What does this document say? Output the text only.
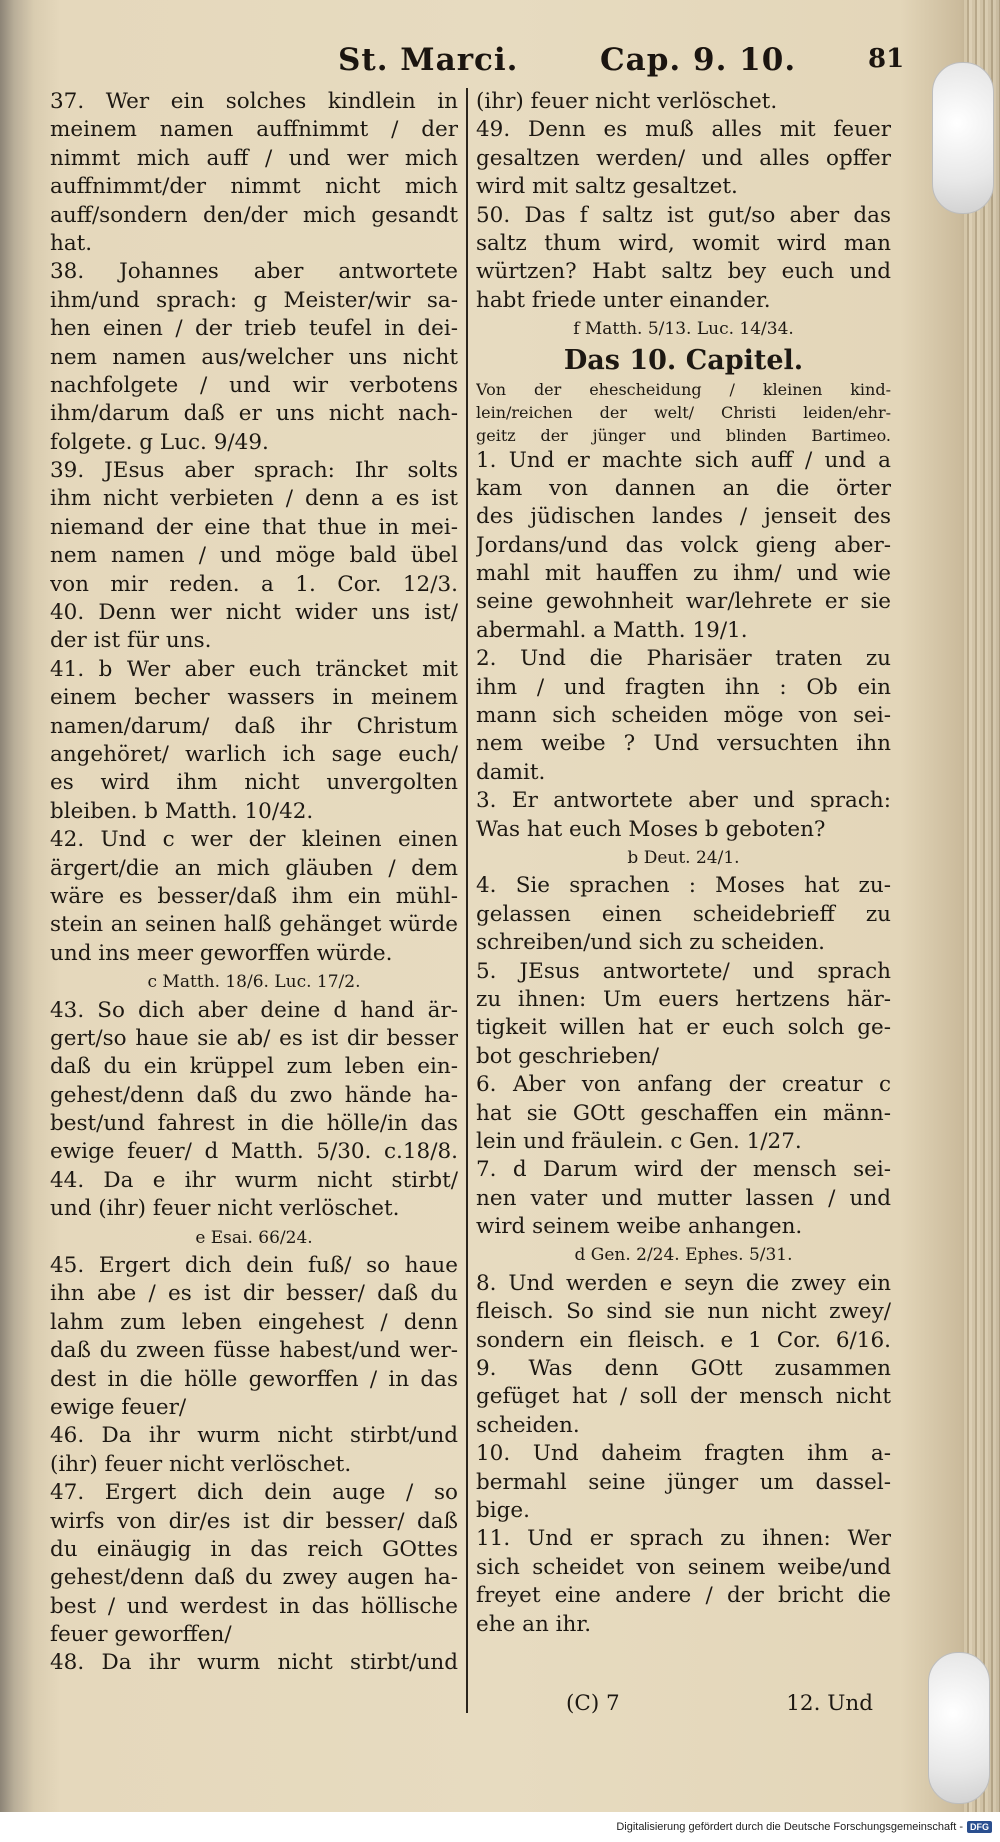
St. Marci.	Cap. 9. 10.	81
37. Wer ein solches kindlein in
meinem namen auffnimmt / der
nimmt mich auff / und wer mich
auffnimmt/der nimmt nicht mich
auff/sondern den/der mich gesandt
hat.
38. Johannes aber antwortete
ihm/und sprach: g Meister/wir sa-
hen einen / der trieb teufel in dei-
nem namen aus/welcher uns nicht
nachfolgete / und wir verbotens
ihm/darum daß er uns nicht nach-
folgete. g Luc. 9/49.
39. JEsus aber sprach: Ihr solts
ihm nicht verbieten / denn a es ist
niemand der eine that thue in mei-
nem namen / und möge bald übel
von mir reden. a 1. Cor. 12/3.
40. Denn wer nicht wider uns ist/
der ist für uns.
41. b Wer aber euch träncket mit
einem becher wassers in meinem
namen/darum/ daß ihr Christum
angehöret/ warlich ich sage euch/
es wird ihm nicht unvergolten
bleiben. b Matth. 10/42.
42. Und c wer der kleinen einen
ärgert/die an mich gläuben / dem
wäre es besser/daß ihm ein mühl-
stein an seinen halß gehänget würde
und ins meer geworffen würde.
c Matth. 18/6. Luc. 17/2.
43. So dich aber deine d hand är-
gert/so haue sie ab/ es ist dir besser
daß du ein krüppel zum leben ein-
gehest/denn daß du zwo hände ha-
best/und fahrest in die hölle/in das
ewige feuer/ d Matth. 5/30. c.18/8.
44. Da e ihr wurm nicht stirbt/
und (ihr) feuer nicht verlöschet.
e Esai. 66/24.
45. Ergert dich dein fuß/ so haue
ihn abe / es ist dir besser/ daß du
lahm zum leben eingehest / denn
daß du zween füsse habest/und wer-
dest in die hölle geworffen / in das
ewige feuer/
46. Da ihr wurm nicht stirbt/und
(ihr) feuer nicht verlöschet.
47. Ergert dich dein auge / so
wirfs von dir/es ist dir besser/ daß
du einäugig in das reich GOttes
gehest/denn daß du zwey augen ha-
best / und werdest in das höllische
feuer geworffen/
48. Da ihr wurm nicht stirbt/und
(ihr) feuer nicht verlöschet.
49. Denn es muß alles mit feuer
gesaltzen werden/ und alles opffer
wird mit saltz gesaltzet.
50. Das f saltz ist gut/so aber das
saltz thum wird, womit wird man
würtzen? Habt saltz bey euch und
habt friede unter einander.
f Matth. 5/13. Luc. 14/34.
Das 10. Capitel.
Von der ehescheidung / kleinen kind-
lein/reichen der welt/ Christi leiden/ehr-
geitz der jünger und blinden Bartimeo.
1. Und er machte sich auff / und a
kam von dannen an die örter
des jüdischen landes / jenseit des
Jordans/und das volck gieng aber-
mahl mit hauffen zu ihm/ und wie
seine gewohnheit war/lehrete er sie
abermahl. a Matth. 19/1.
2. Und die Pharisäer traten zu
ihm / und fragten ihn : Ob ein
mann sich scheiden möge von sei-
nem weibe ? Und versuchten ihn
damit.
3. Er antwortete aber und sprach:
Was hat euch Moses b geboten?
b Deut. 24/1.
4. Sie sprachen : Moses hat zu-
gelassen einen scheidebrieff zu
schreiben/und sich zu scheiden.
5. JEsus antwortete/ und sprach
zu ihnen: Um euers hertzens här-
tigkeit willen hat er euch solch ge-
bot geschrieben/
6. Aber von anfang der creatur c
hat sie GOtt geschaffen ein männ-
lein und fräulein. c Gen. 1/27.
7. d Darum wird der mensch sei-
nen vater und mutter lassen / und
wird seinem weibe anhangen.
d Gen. 2/24. Ephes. 5/31.
8. Und werden e seyn die zwey ein
fleisch. So sind sie nun nicht zwey/
sondern ein fleisch. e 1 Cor. 6/16.
9. Was denn GOtt zusammen
gefüget hat / soll der mensch nicht
scheiden.
10. Und daheim fragten ihm a-
bermahl seine jünger um dassel-
bige.
11. Und er sprach zu ihnen: Wer
sich scheidet von seinem weibe/und
freyet eine andere / der bricht die
ehe an ihr.
(C) 7	12. Und
Digitalisierung gefördert durch die Deutsche Forschungsgemeinschaft - DFG
